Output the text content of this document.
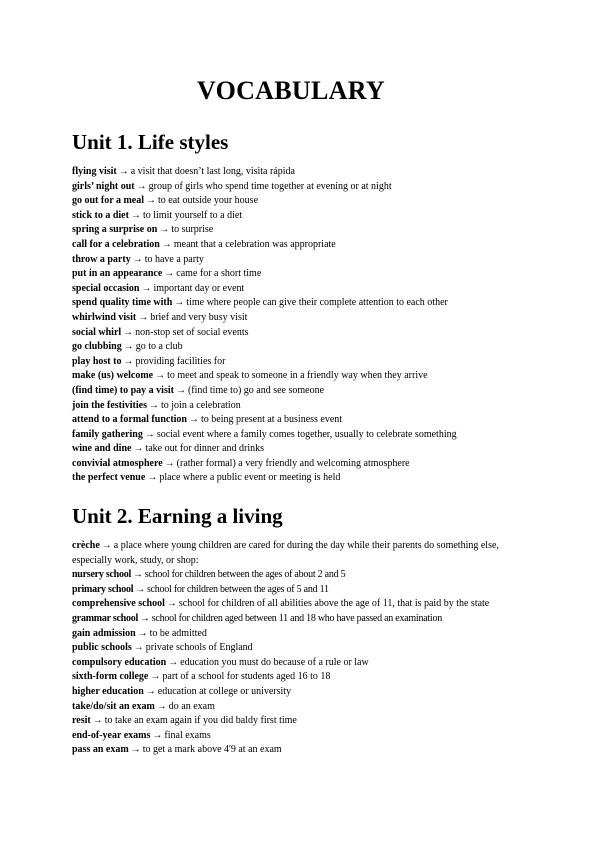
VOCABULARY
Unit 1. Life styles
flying visit → a visit that doesn’t last long, visita rápida
girls’ night out → group of girls who spend time together at evening or at night
go out for a meal → to eat outside your house
stick to a diet → to limit yourself to a diet
spring a surprise on → to surprise
call for a celebration → meant that a celebration was appropriate
throw a party → to have a party
put in an appearance → came for a short time
special occasion → important day or event
spend quality time with → time where people can give their complete attention to each other
whirlwind visit → brief and very busy visit
social whirl → non-stop set of social events
go clubbing → go to a club
play host to → providing facilities for
make (us) welcome → to meet and speak to someone in a friendly way when they arrive
(find time) to pay a visit → (find time to) go and see someone
join the festivities → to join a celebration
attend to a formal function → to being present at a business event
family gathering → social event where a family comes together, usually to celebrate something
wine and dine → take out for dinner and drinks
convivial atmosphere → (rather formal) a very friendly and welcoming atmosphere
the perfect venue → place where a public event or meeting is held
Unit 2. Earning a living
crèche → a place where young children are cared for during the day while their parents do something else, especially work, study, or shop:
nursery school → school for children between the ages of about 2 and 5
primary school → school for children between the ages of 5 and 11
comprehensive school → school for children of all abilities above the age of 11, that is paid by the state
grammar school → school for children aged between 11 and 18 who have passed an examination
gain admission → to be admitted
public schools → private schools of England
compulsory education → education you must do because of a rule or law
sixth-form college → part of a school for students aged 16 to 18
higher education → education at college or university
take/do/sit an exam → do an exam
resit → to take an exam again if you did baldy first time
end-of-year exams → final exams
pass an exam → to get a mark above 4'9 at an exam
